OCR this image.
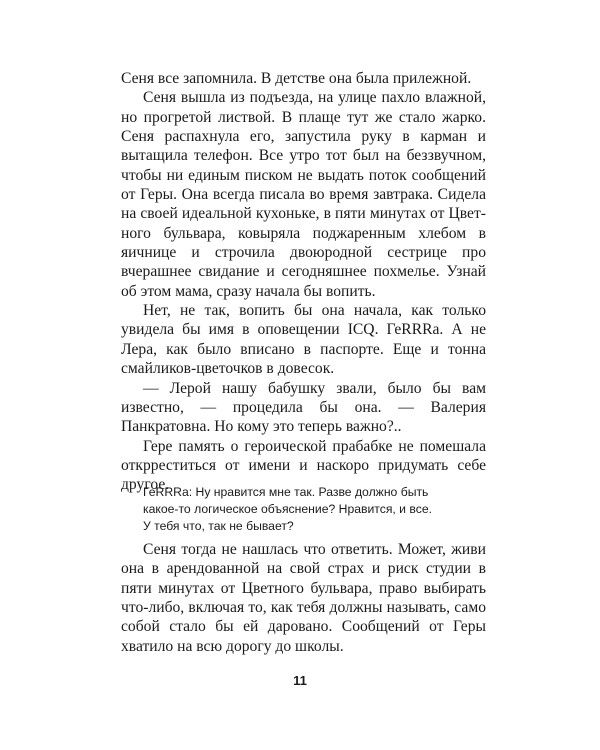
Сеня все запомнила. В детстве она была прилежной.

Сеня вышла из подъезда, на улице пахло влажной, но прогретой листвой. В плаще тут же стало жарко. Сеня распахнула его, запустила руку в карман и вытащила телефон. Все утро тот был на беззвучном, чтобы ни единым писком не выдать поток сообщений от Геры. Она всегда писала во время завтрака. Сидела на своей идеальной кухоньке, в пяти минутах от Цветного бульвара, ковыряла поджаренным хлебом в яичнице и строчила двоюродной сестрице про вчерашнее свидание и сегодняшнее похмелье. Узнай об этом мама, сразу начала бы вопить.

Нет, не так, вопить бы она начала, как только увидела бы имя в оповещении ICQ. ГеRRRa. А не Лера, как было вписано в паспорте. Еще и тонна смайликов-цветочков в довесок.

— Лерой нашу бабушку звали, было бы вам известно, — процедила бы она. — Валерия Панкратовна. Но кому это теперь важно?..

Гере память о героической прабабке не помешала открреститься от имени и наскоро придумать себе другое.

ГеRRRa: Ну нравится мне так. Разве должно быть
какое-то логическое объяснение? Нравится, и все.
У тебя что, так не бывает?

Сеня тогда не нашлась что ответить. Может, живи она в арендованной на свой страх и риск студии в пяти минутах от Цветного бульвара, право выбирать что-либо, включая то, как тебя должны называть, само собой стало бы ей даровано. Сообщений от Геры хватило на всю дорогу до школы.

11
